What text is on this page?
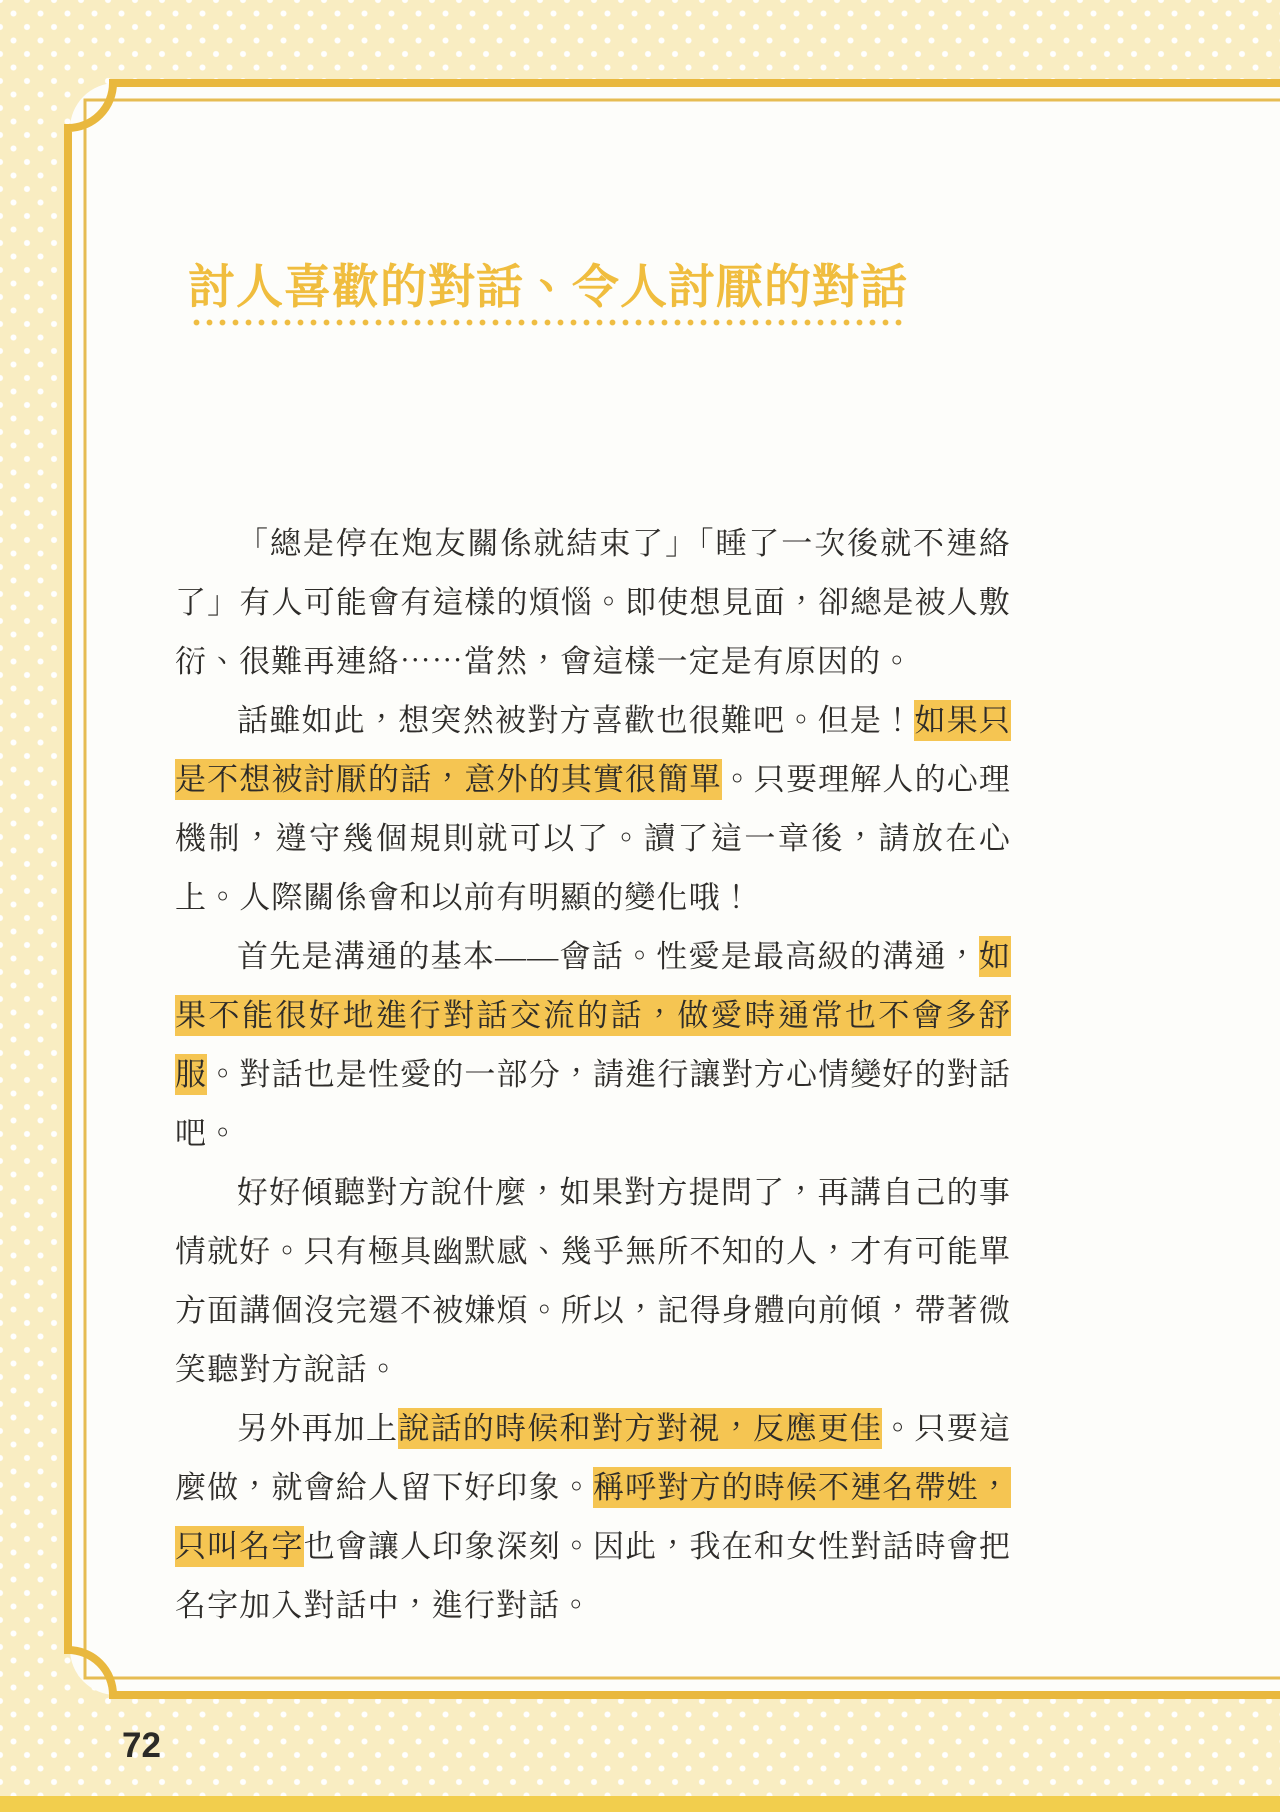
討人喜歡的對話、令人討厭的對話

「總是停在炮友關係就結束了」「睡了一次後就不連絡了」有人可能會有這樣的煩惱。即使想見面，卻總是被人敷衍、很難再連絡⋯⋯當然，會這樣一定是有原因的。

話雖如此，想突然被對方喜歡也很難吧。但是！如果只是不想被討厭的話，意外的其實很簡單。只要理解人的心理機制，遵守幾個規則就可以了。讀了這一章後，請放在心上。人際關係會和以前有明顯的變化哦！

首先是溝通的基本——會話。性愛是最高級的溝通，如果不能很好地進行對話交流的話，做愛時通常也不會多舒服。對話也是性愛的一部分，請進行讓對方心情變好的對話吧。

好好傾聽對方說什麼，如果對方提問了，再講自己的事情就好。只有極具幽默感、幾乎無所不知的人，才有可能單方面講個沒完還不被嫌煩。所以，記得身體向前傾，帶著微笑聽對方說話。

另外再加上說話的時候和對方對視，反應更佳。只要這麼做，就會給人留下好印象。稱呼對方的時候不連名帶姓，只叫名字也會讓人印象深刻。因此，我在和女性對話時會把名字加入對話中，進行對話。

72
